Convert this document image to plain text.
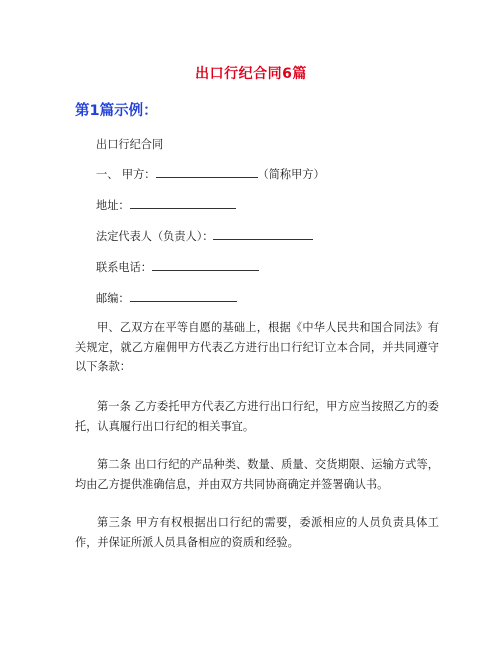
出口行纪合同6篇
第1篇示例：
出口行纪合同
一、 甲方：	（简称甲方）
地址：
法定代表人（负责人）：
联系电话：
邮编：
甲、乙双方在平等自愿的基础上，根据《中华人民共和国合同法》有关规定，就乙方雇佣甲方代表乙方进行出口行纪订立本合同，并共同遵守以下条款：
第一条 乙方委托甲方代表乙方进行出口行纪，甲方应当按照乙方的委托，认真履行出口行纪的相关事宜。
第二条 出口行纪的产品种类、数量、质量、交货期限、运输方式等，均由乙方提供准确信息，并由双方共同协商确定并签署确认书。
第三条 甲方有权根据出口行纪的需要，委派相应的人员负责具体工作，并保证所派人员具备相应的资质和经验。
